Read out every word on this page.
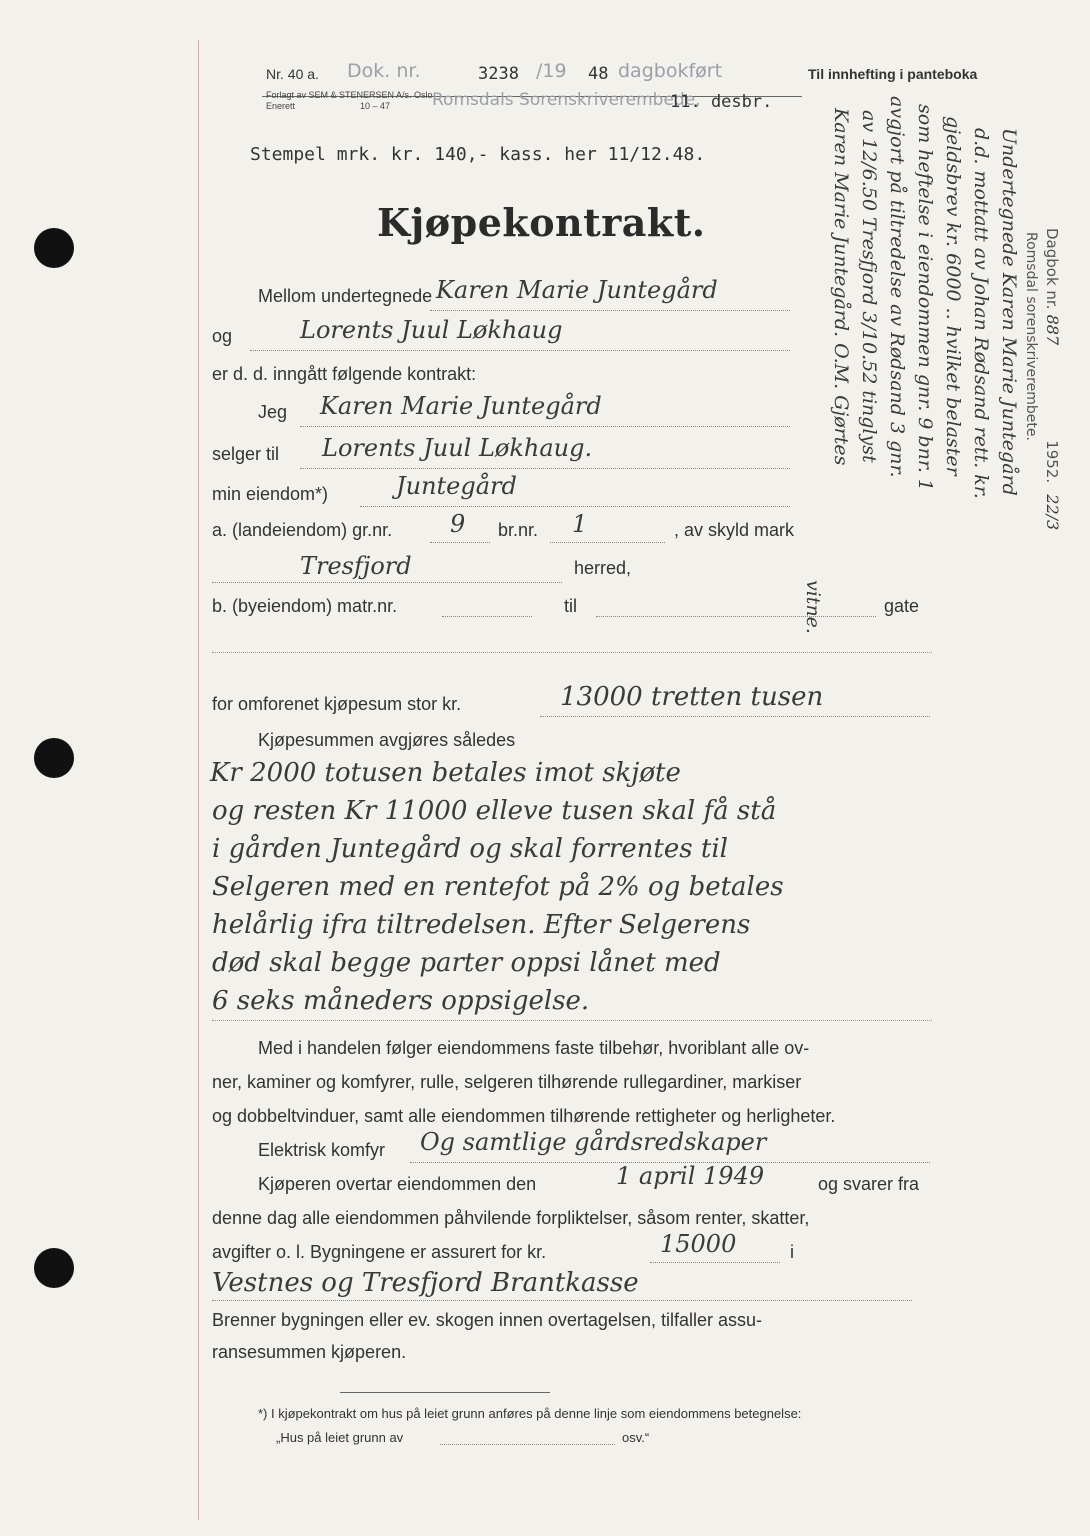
Nr. 40 a. Dok. nr.	3238 /19 48 dagbokført	Til innhefting i panteboka
Forlagt av SEM & STENERSEN A/s. Oslo
Enerett	10 – 47 Romsdals Sorenskriverembede,
11. desbr.
Stempel mrk. kr. 140,- kass. her 11/12.48.
Kjøpekontrakt.
Mellom undertegnede Karen Marie Juntegård
og	Lorents Juul Løkhaug
er d. d. inngått følgende kontrakt:
Jeg Karen Marie Juntegård
selger til Lorents Juul Løkhaug.
min eiendom*)	Juntegård
a. (landeiendom) gr.nr. 9 br.nr. 1	, av skyld mark
Tresfjord	herred,
b. (byeiendom) matr.nr.	til	gate
for omforenet kjøpesum stor kr.	13000 tretten tusen
Kjøpesummen avgjøres således
Kr 2000 totusen betales imot skjøte
og resten Kr 11000 elleve tusen skal få stå
i gården Juntegård og skal forrentes til
Selgeren med en rentefot på 2% og betales
helårlig ifra tiltredelsen. Efter Selgerens
død skal begge parter oppsi lånet med
6 seks måneders oppsigelse.
Med i handelen følger eiendommens faste tilbehør, hvoriblant alle ov-
ner, kaminer og komfyrer, rulle, selgeren tilhørende rullegardiner, markiser
og dobbeltvinduer, samt alle eiendommen tilhørende rettigheter og herligheter.
Elektrisk komfyr Og samtlige gårdsredskaper
Kjøperen overtar eiendommen den	1 april 1949	og svarer fra
denne dag alle eiendommen påhvilende forpliktelser, såsom renter, skatter,
avgifter o. l. Bygningene er assurert for kr.	15000	i
Vestnes og Tresfjord Brantkasse
Brenner bygningen eller ev. skogen innen overtagelsen, tilfaller assu-
ransesummen kjøperen.
*) I kjøpekontrakt om hus på leiet grunn anføres på denne linje som eiendommens betegnelse:
„Hus på leiet grunn av	osv.“
Dagbok nr. 887 1952. 22/3
Romsdal sorenskriverembete.
Undertegnede Karen Marie Juntegård
d.d. mottatt av Johan Rødsand rett. kr.
gjeldsbrev kr. 6000 .. hvilket belaster
som heftelse i eiendommen gnr. 9 bnr. 1
avgjort på tiltredelse av Rødsand 3 gnr.
av 12/6.50 Tresfjord 3/10.52 tinglyst
Karen Marie Juntegård. O.M. Gjørtes
vitne.
